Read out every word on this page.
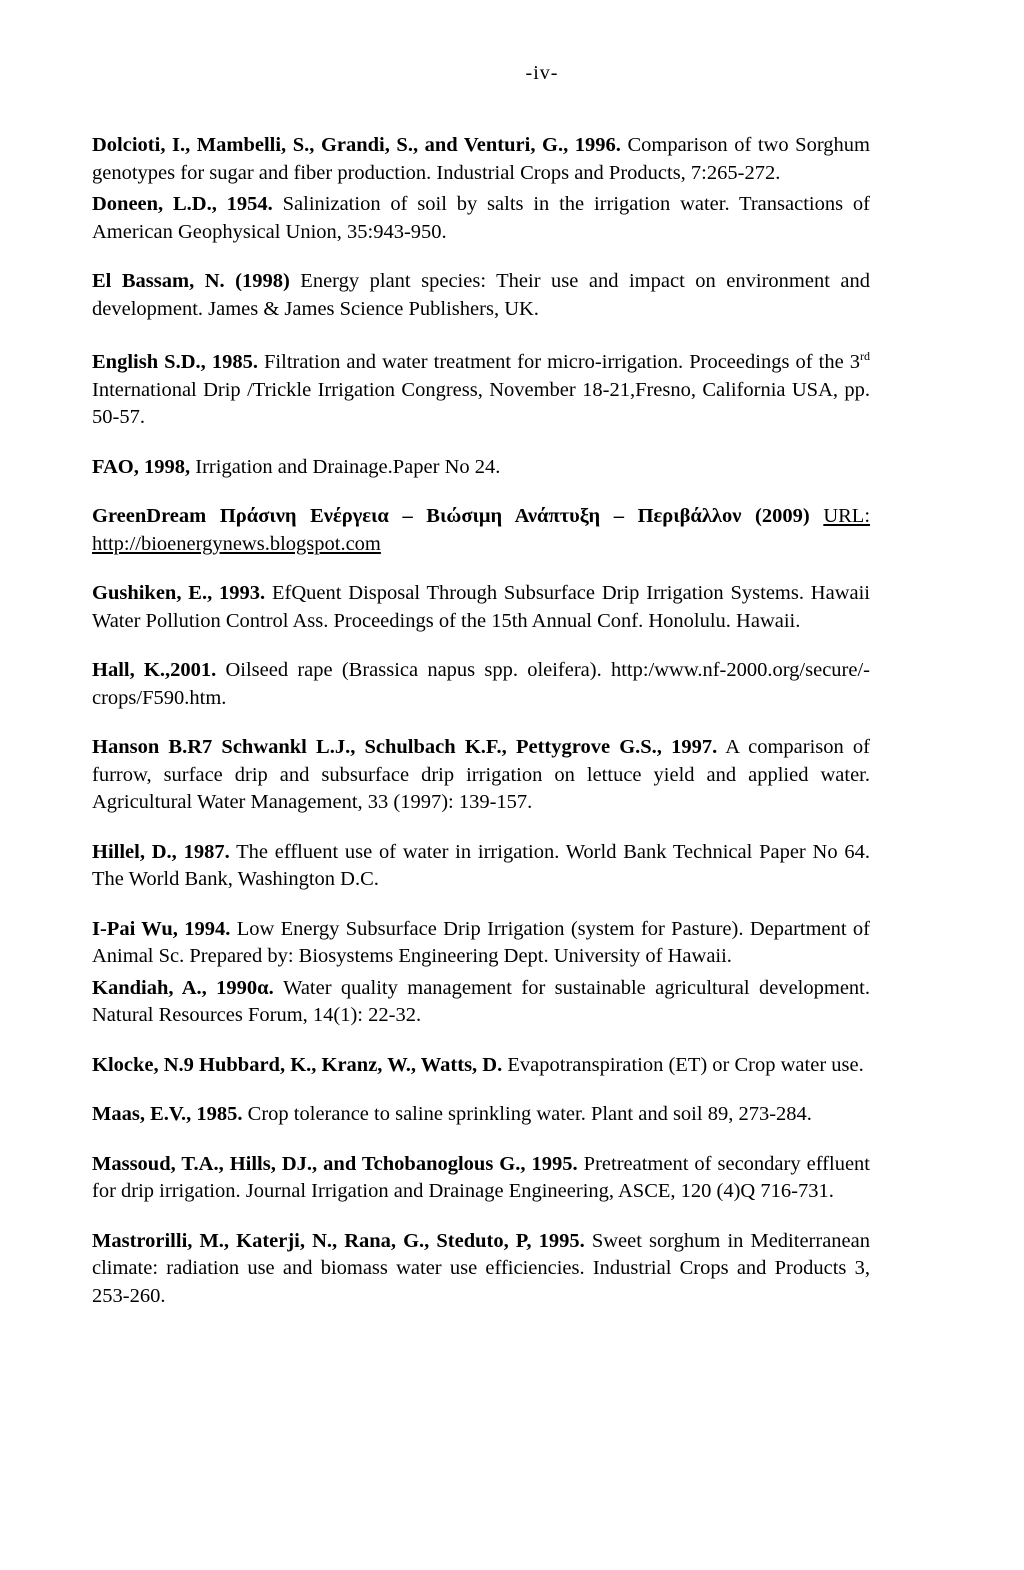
-iv-

Dolcioti, I., Mambelli, S., Grandi, S., and Venturi, G., 1996. Comparison of two Sorghum genotypes for sugar and fiber production. Industrial Crops and Products, 7:265-272.

Doneen, L.D., 1954. Salinization of soil by salts in the irrigation water. Transactions of American Geophysical Union, 35:943-950.

El Bassam, N. (1998) Energy plant species: Their use and impact on environment and development. James & James Science Publishers, UK.

English S.D., 1985. Filtration and water treatment for micro-irrigation. Proceedings of the 3rd International Drip /Trickle Irrigation Congress, November 18-21,Fresno, California USA, pp. 50-57.

FAO, 1998, Irrigation and Drainage.Paper No 24.

GreenDream Πράσινη Ενέργεια – Βιώσιμη Ανάπτυξη – Περιβάλλον (2009) URL: http://bioenergynews.blogspot.com

Gushiken, E., 1993. EfQuent Disposal Through Subsurface Drip Irrigation Systems. Hawaii Water Pollution Control Ass. Proceedings of the 15th Annual Conf. Honolulu. Hawaii.

Hall, K.,2001. Oilseed rape (Brassica napus spp. oleifera). http:/www.nf-2000.org/secure/-crops/F590.htm.

Hanson B.R7 Schwankl L.J., Schulbach K.F., Pettygrove G.S., 1997. A comparison of furrow, surface drip and subsurface drip irrigation on lettuce yield and applied water. Agricultural Water Management, 33 (1997): 139-157.

Hillel, D., 1987. The effluent use of water in irrigation. World Bank Technical Paper No 64. The World Bank, Washington D.C.

I-Pai Wu, 1994. Low Energy Subsurface Drip Irrigation (system for Pasture). Department of Animal Sc. Prepared by: Biosystems Engineering Dept. University of Hawaii.

Kandiah, A., 1990α. Water quality management for sustainable agricultural development. Natural Resources Forum, 14(1): 22-32.

Klocke, N.9 Hubbard, K., Kranz, W., Watts, D. Evapotranspiration (ET) or Crop water use.

Maas, E.V., 1985. Crop tolerance to saline sprinkling water. Plant and soil 89, 273-284.

Massoud, T.A., Hills, DJ., and Tchobanoglous G., 1995. Pretreatment of secondary effluent for drip irrigation. Journal Irrigation and Drainage Engineering, ASCE, 120 (4)Q 716-731.

Mastrorilli, M., Katerji, N., Rana, G., Steduto, P, 1995. Sweet sorghum in Mediterranean climate: radiation use and biomass water use efficiencies. Industrial Crops and Products 3, 253-260.
